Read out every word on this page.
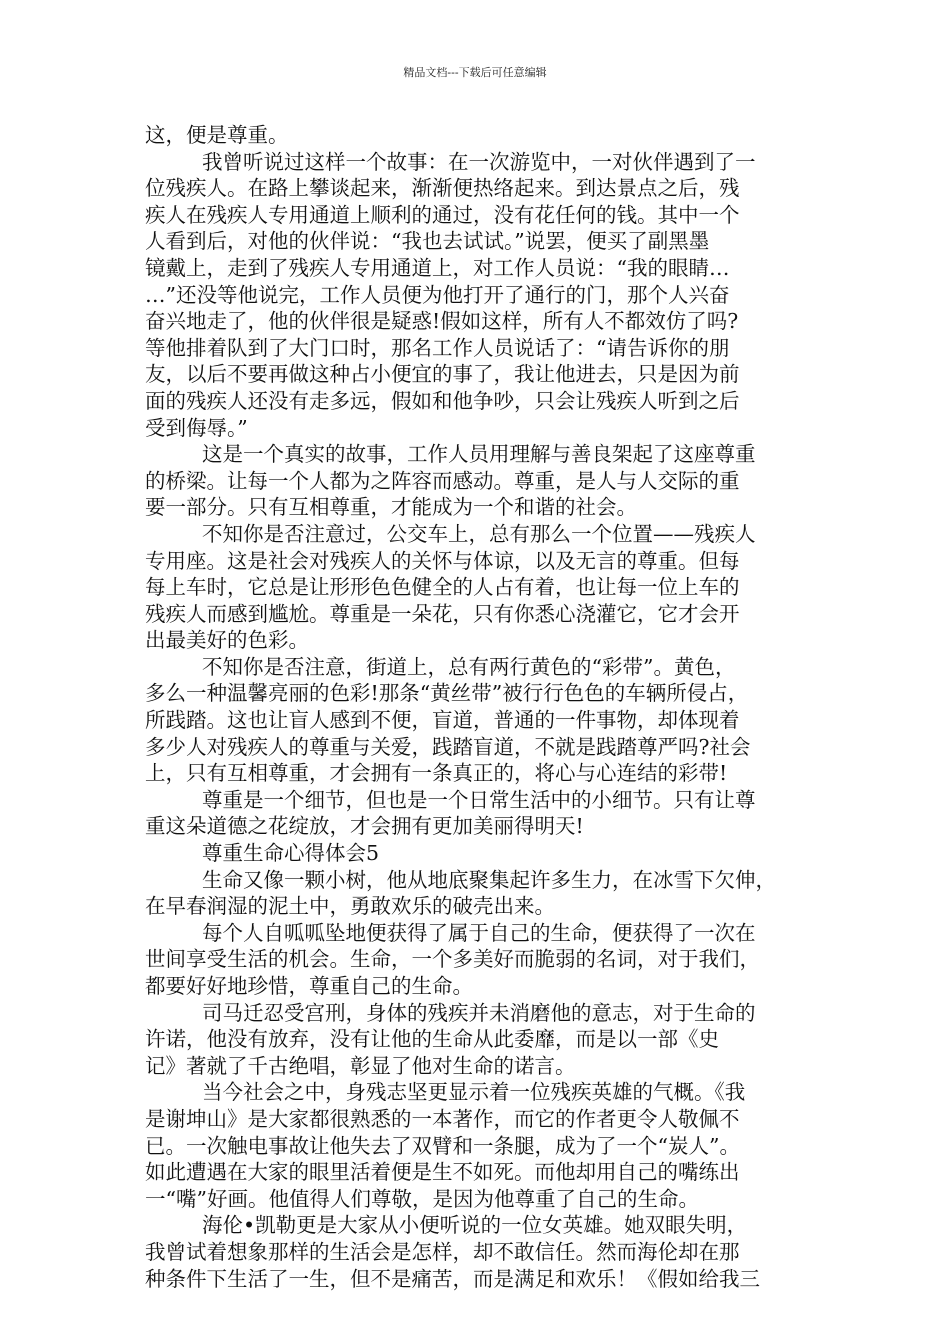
精品文档---下载后可任意编辑
这，便是尊重。
我曾听说过这样一个故事：在一次游览中，一对伙伴遇到了一
位残疾人。在路上攀谈起来，渐渐便热络起来。到达景点之后，残
疾人在残疾人专用通道上顺利的通过，没有花任何的钱。其中一个
人看到后，对他的伙伴说：“我也去试试。”说罢，便买了副黑墨
镜戴上，走到了残疾人专用通道上，对工作人员说：“我的眼睛…
…”还没等他说完，工作人员便为他打开了通行的门，那个人兴奋
奋兴地走了，他的伙伴很是疑惑!假如这样，所有人不都效仿了吗?
等他排着队到了大门口时，那名工作人员说话了：“请告诉你的朋
友，以后不要再做这种占小便宜的事了，我让他进去，只是因为前
面的残疾人还没有走多远，假如和他争吵，只会让残疾人听到之后
受到侮辱。”
这是一个真实的故事，工作人员用理解与善良架起了这座尊重
的桥梁。让每一个人都为之阵容而感动。尊重，是人与人交际的重
要一部分。只有互相尊重，才能成为一个和谐的社会。
不知你是否注意过，公交车上，总有那么一个位置——残疾人
专用座。这是社会对残疾人的关怀与体谅，以及无言的尊重。但每
每上车时，它总是让形形色色健全的人占有着，也让每一位上车的
残疾人而感到尴尬。尊重是一朵花，只有你悉心浇灌它，它才会开
出最美好的色彩。
不知你是否注意，街道上，总有两行黄色的“彩带”。黄色，
多么一种温馨亮丽的色彩!那条“黄丝带”被行行色色的车辆所侵占，
所践踏。这也让盲人感到不便，盲道，普通的一件事物，却体现着
多少人对残疾人的尊重与关爱，践踏盲道，不就是践踏尊严吗?社会
上，只有互相尊重，才会拥有一条真正的，将心与心连结的彩带!
尊重是一个细节，但也是一个日常生活中的小细节。只有让尊
重这朵道德之花绽放，才会拥有更加美丽得明天!
尊重生命心得体会5
生命又像一颗小树，他从地底聚集起许多生力，在冰雪下欠伸，
在早春润湿的泥土中，勇敢欢乐的破壳出来。
每个人自呱呱坠地便获得了属于自己的生命，便获得了一次在
世间享受生活的机会。生命，一个多美好而脆弱的名词，对于我们，
都要好好地珍惜，尊重自己的生命。
司马迁忍受宫刑，身体的残疾并未消磨他的意志，对于生命的
许诺，他没有放弃，没有让他的生命从此委靡，而是以一部《史
记》著就了千古绝唱，彰显了他对生命的诺言。
当今社会之中，身残志坚更显示着一位残疾英雄的气概。《我
是谢坤山》是大家都很熟悉的一本著作，而它的作者更令人敬佩不
已。一次触电事故让他失去了双臂和一条腿，成为了一个“炭人”。
如此遭遇在大家的眼里活着便是生不如死。而他却用自己的嘴练出
一“嘴”好画。他值得人们尊敬，是因为他尊重了自己的生命。
海伦•凯勒更是大家从小便听说的一位女英雄。她双眼失明，
我曾试着想象那样的生活会是怎样，却不敢信任。然而海伦却在那
种条件下生活了一生，但不是痛苦，而是满足和欢乐！《假如给我三
